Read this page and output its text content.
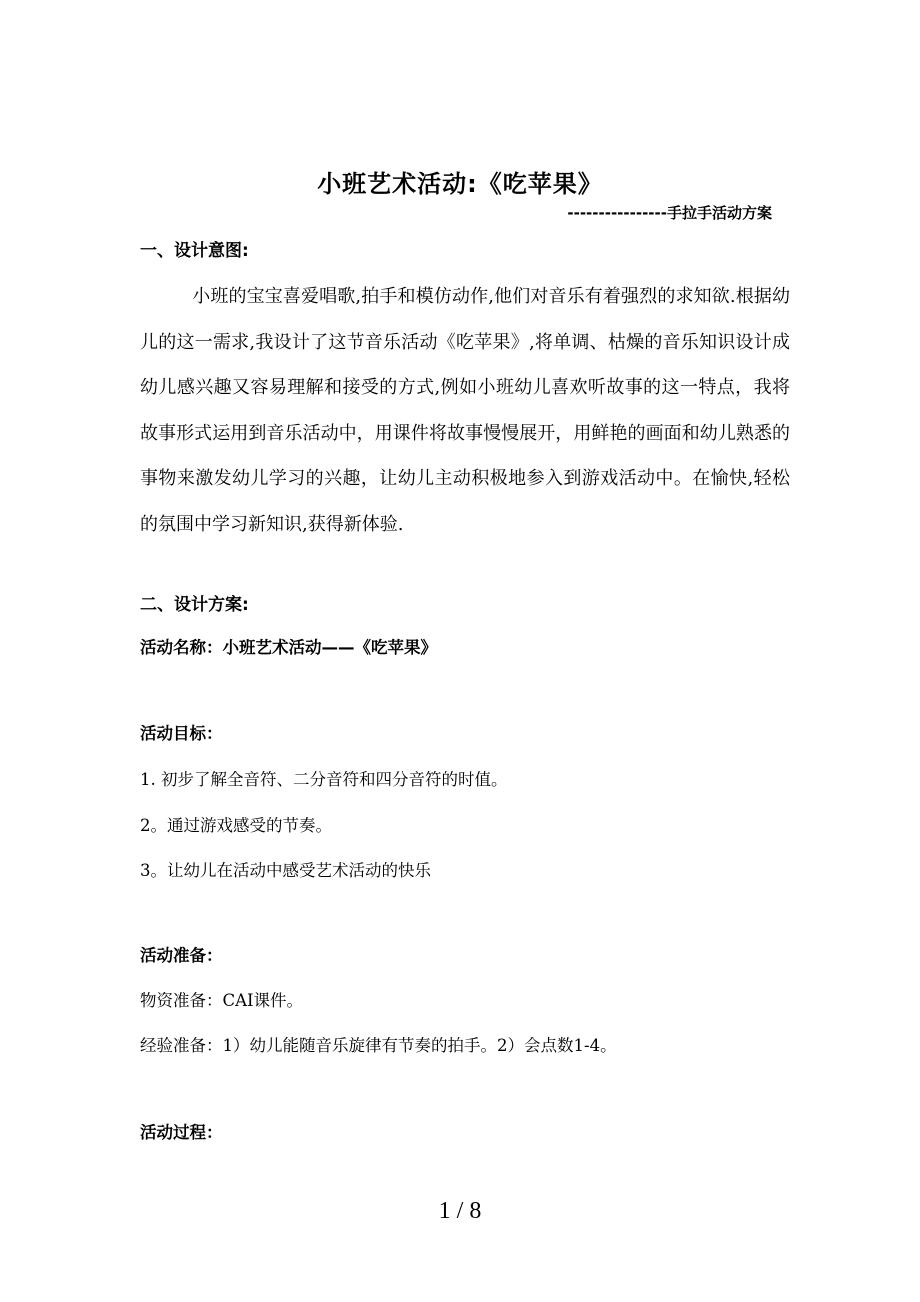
小班艺术活动:《吃苹果》
----------------手拉手活动方案
一、设计意图:
小班的宝宝喜爱唱歌,拍手和模仿动作,他们对音乐有着强烈的求知欲.根据幼儿的这一需求,我设计了这节音乐活动《吃苹果》,将单调、枯燥的音乐知识设计成幼儿感兴趣又容易理解和接受的方式,例如小班幼儿喜欢听故事的这一特点，我将故事形式运用到音乐活动中，用课件将故事慢慢展开，用鲜艳的画面和幼儿熟悉的事物来激发幼儿学习的兴趣，让幼儿主动积极地参入到游戏活动中。在愉快,轻松的氛围中学习新知识,获得新体验.
二、设计方案:
活动名称：小班艺术活动——《吃苹果》
活动目标：
1. 初步了解全音符、二分音符和四分音符的时值。
2。通过游戏感受的节奏。
3。让幼儿在活动中感受艺术活动的快乐
活动准备：
物资准备：CAI课件。
经验准备：1）幼儿能随音乐旋律有节奏的拍手。2）会点数1-4。
活动过程：
1 / 8
